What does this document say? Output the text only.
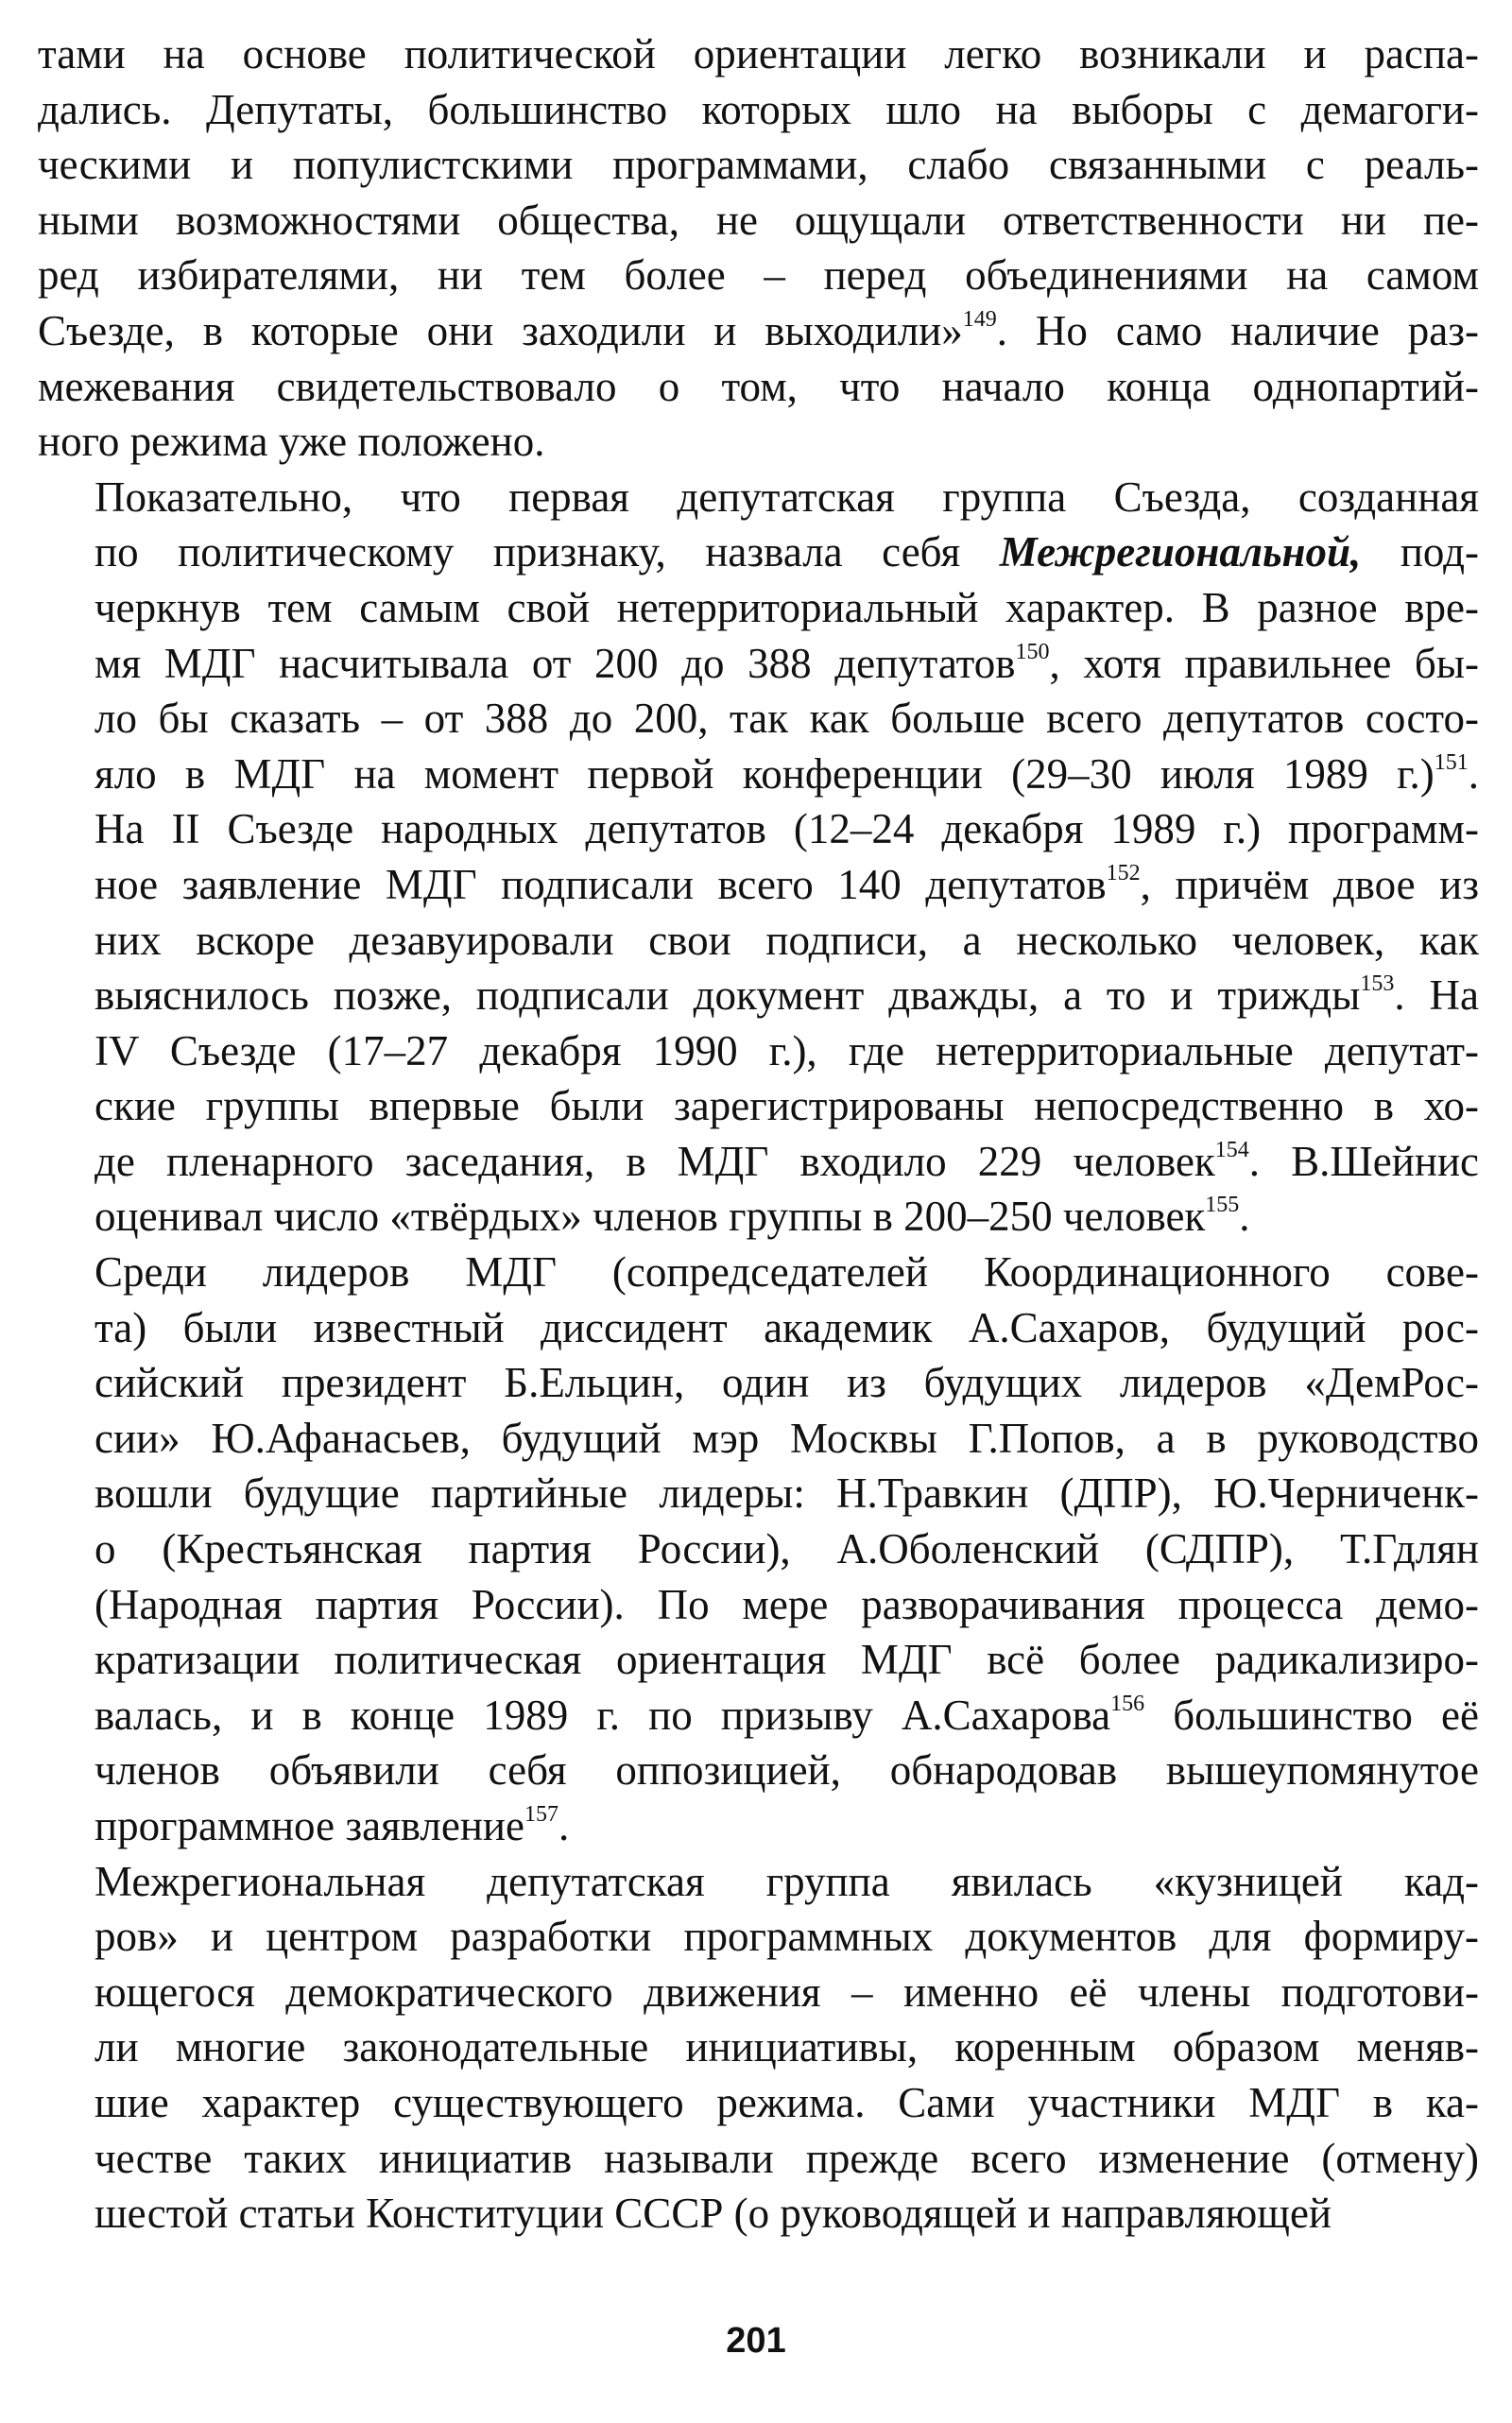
тами на основе политической ориентации легко возникали и распа-
дались. Депутаты, большинство которых шло на выборы с демагоги-
ческими и популистскими программами, слабо связанными с реаль-
ными возможностями общества, не ощущали ответственности ни пе-
ред избирателями, ни тем более – перед объединениями на самом
Съезде, в которые они заходили и выходили»$^{149}$. Но само наличие раз-
межевания свидетельствовало о том, что начало конца однопартий-
ного режима уже положено.

Показательно, что первая депутатская группа Съезда, созданная
по политическому признаку, назвала себя Межрегиональной, под-
черкнув тем самым свой нетерриториальный характер. В разное вре-
мя МДГ насчитывала от 200 до 388 депутатов$^{150}$, хотя правильнее бы-
ло бы сказать – от 388 до 200, так как больше всего депутатов состо-
яло в МДГ на момент первой конференции (29–30 июля 1989 г.)$^{151}$.
На II Съезде народных депутатов (12–24 декабря 1989 г.) программ-
ное заявление МДГ подписали всего 140 депутатов$^{152}$, причём двое из
них вскоре дезавуировали свои подписи, а несколько человек, как
выяснилось позже, подписали документ дважды, а то и трижды$^{153}$. На
IV Съезде (17–27 декабря 1990 г.), где нетерриториальные депутат-
ские группы впервые были зарегистрированы непосредственно в хо-
де пленарного заседания, в МДГ входило 229 человек$^{154}$. В.Шейнис
оценивал число «твёрдых» членов группы в 200–250 человек$^{155}$.

Среди лидеров МДГ (сопредседателей Координационного сове-
та) были известный диссидент академик А.Сахаров, будущий рос-
сийский президент Б.Ельцин, один из будущих лидеров «ДемРос-
сии» Ю.Афанасьев, будущий мэр Москвы Г.Попов, а в руководство
вошли будущие партийные лидеры: Н.Травкин (ДПР), Ю.Черниченк-
о (Крестьянская партия России), А.Оболенский (СДПР), Т.Гдлян
(Народная партия России). По мере разворачивания процесса демо-
кратизации политическая ориентация МДГ всё более радикализиро-
валась, и в конце 1989 г. по призыву А.Сахарова$^{156}$ большинство её
членов объявили себя оппозицией, обнародовав вышеупомянутое
программное заявление$^{157}$.

Межрегиональная депутатская группа явилась «кузницей кад-
ров» и центром разработки программных документов для формиру-
ющегося демократического движения – именно её члены подготови-
ли многие законодательные инициативы, коренным образом меняв-
шие характер существующего режима. Сами участники МДГ в ка-
честве таких инициатив называли прежде всего изменение (отмену)
шестой статьи Конституции СССР (о руководящей и направляющей

201
